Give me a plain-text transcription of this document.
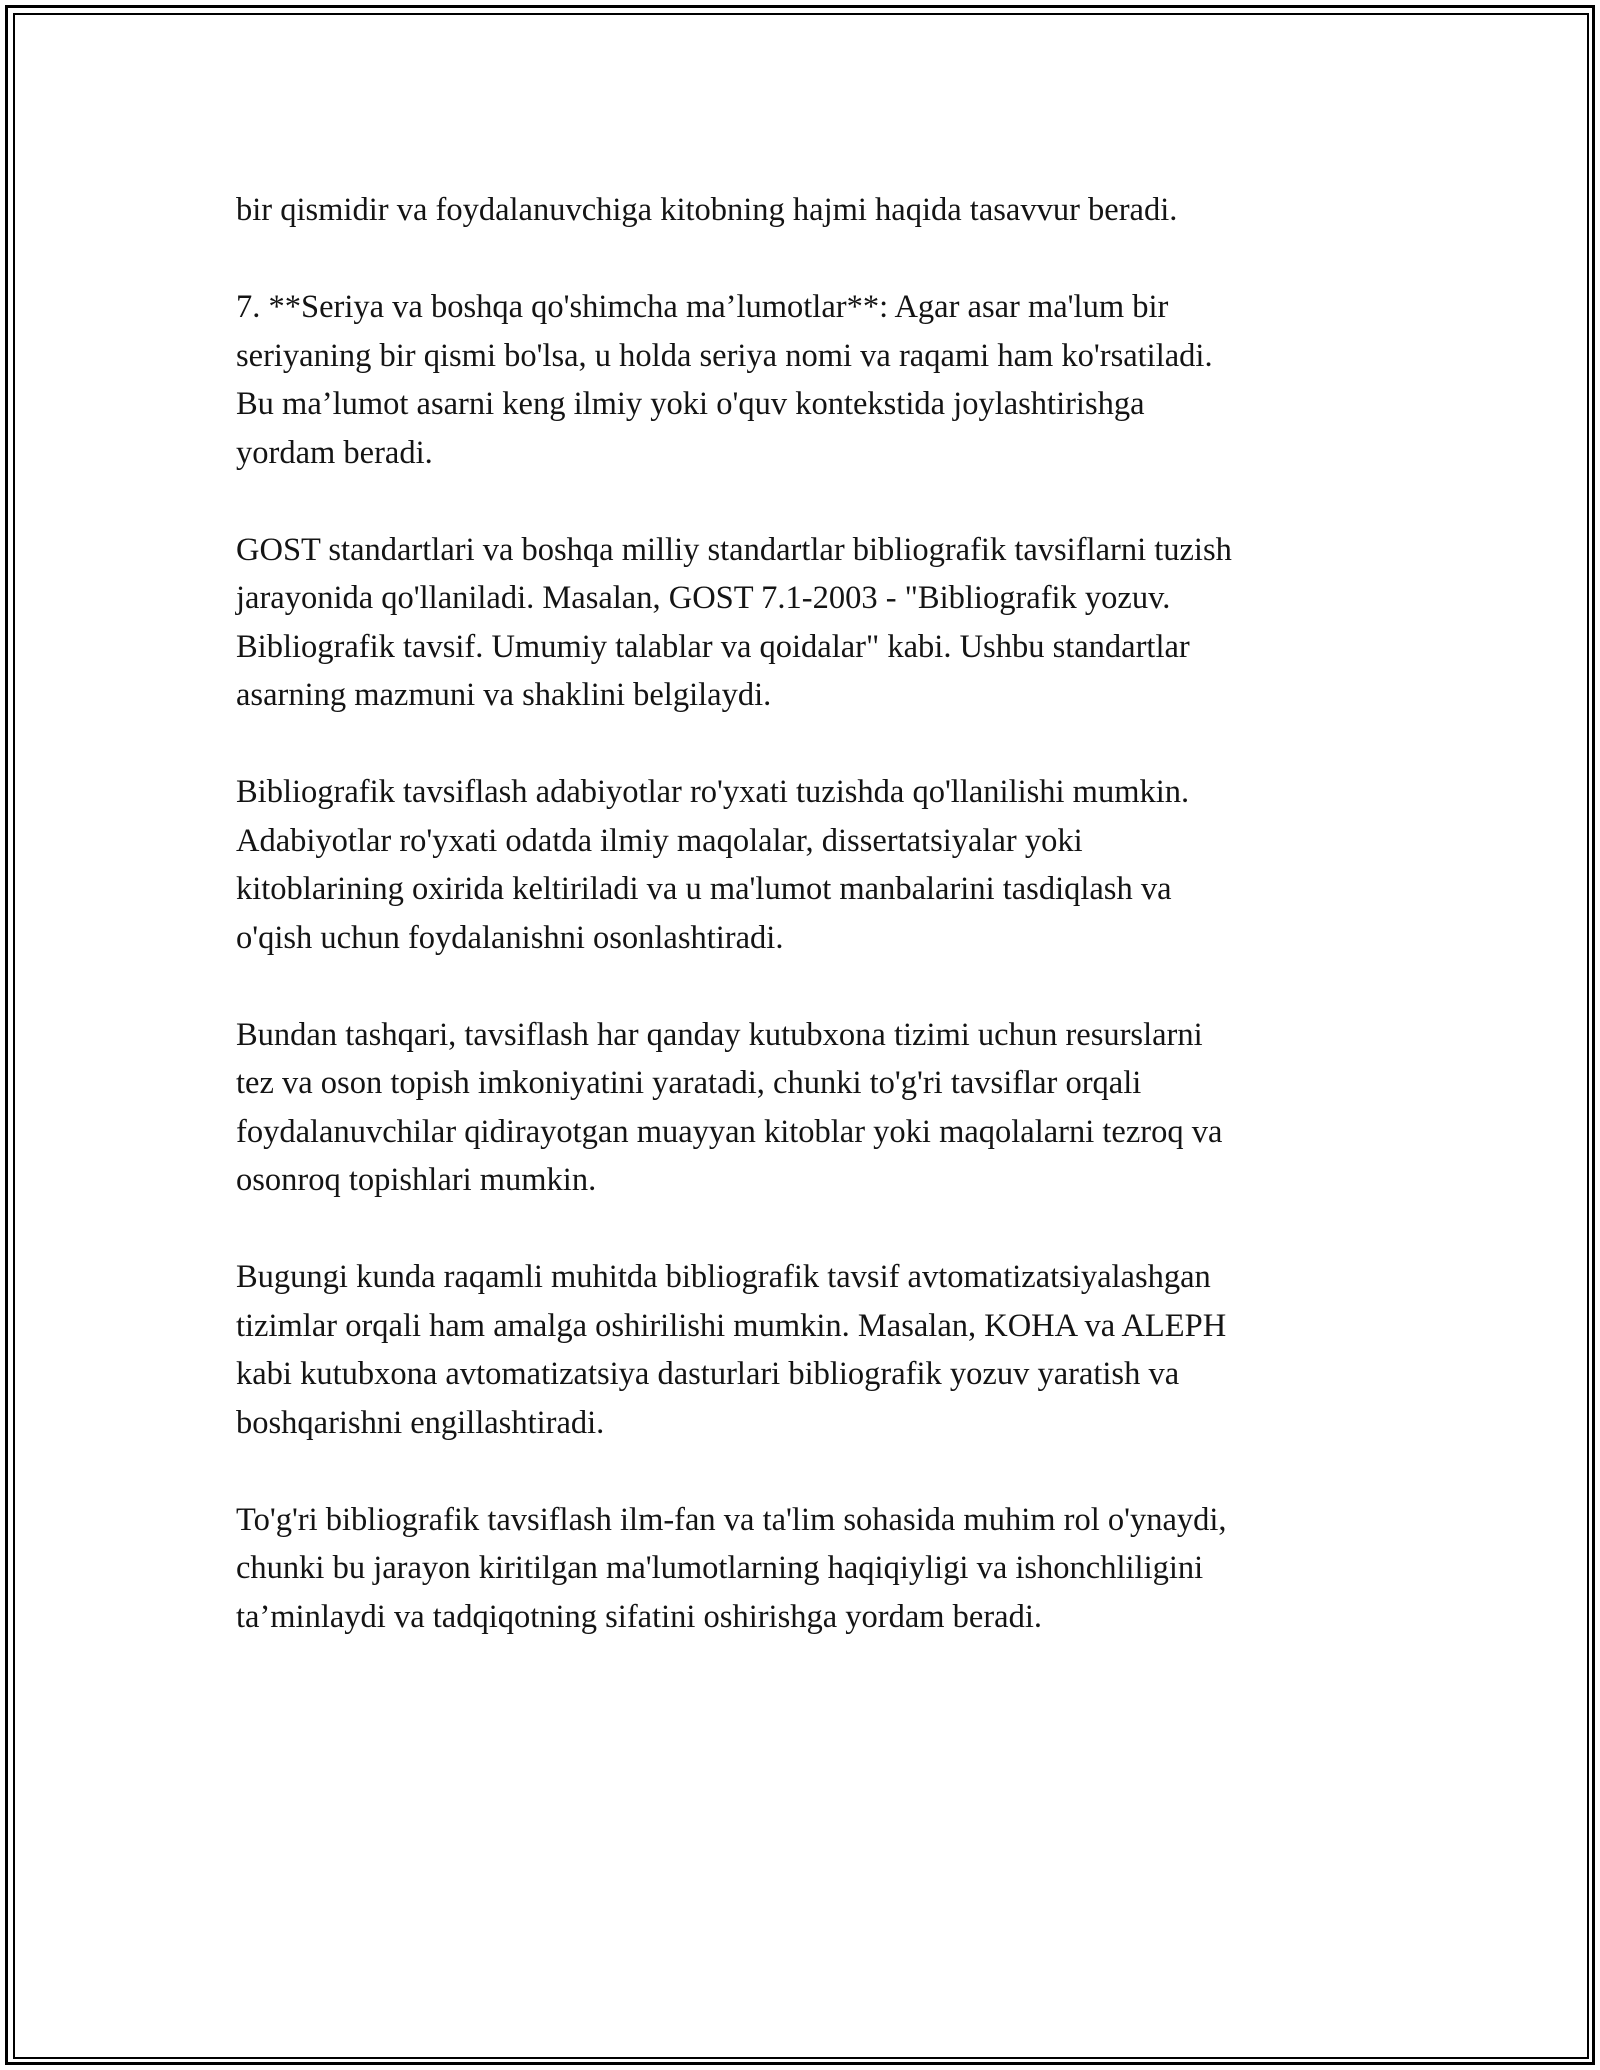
bir qismidir va foydalanuvchiga kitobning hajmi haqida tasavvur beradi.

7. **Seriya va boshqa qo'shimcha ma’lumotlar**: Agar asar ma'lum bir
seriyaning bir qismi bo'lsa, u holda seriya nomi va raqami ham ko'rsatiladi.
Bu ma’lumot asarni keng ilmiy yoki o'quv kontekstida joylashtirishga
yordam beradi.

GOST standartlari va boshqa milliy standartlar bibliografik tavsiflarni tuzish
jarayonida qo'llaniladi. Masalan, GOST 7.1-2003 - "Bibliografik yozuv.
Bibliografik tavsif. Umumiy talablar va qoidalar" kabi. Ushbu standartlar
asarning mazmuni va shaklini belgilaydi.

Bibliografik tavsiflash adabiyotlar ro'yxati tuzishda qo'llanilishi mumkin.
Adabiyotlar ro'yxati odatda ilmiy maqolalar, dissertatsiyalar yoki
kitoblarining oxirida keltiriladi va u ma'lumot manbalarini tasdiqlash va
o'qish uchun foydalanishni osonlashtiradi.

Bundan tashqari, tavsiflash har qanday kutubxona tizimi uchun resurslarni
tez va oson topish imkoniyatini yaratadi, chunki to'g'ri tavsiflar orqali
foydalanuvchilar qidirayotgan muayyan kitoblar yoki maqolalarni tezroq va
osonroq topishlari mumkin.

Bugungi kunda raqamli muhitda bibliografik tavsif avtomatizatsiyalashgan
tizimlar orqali ham amalga oshirilishi mumkin. Masalan, KOHA va ALEPH
kabi kutubxona avtomatizatsiya dasturlari bibliografik yozuv yaratish va
boshqarishni engillashtiradi.

To'g'ri bibliografik tavsiflash ilm-fan va ta'lim sohasida muhim rol o'ynaydi,
chunki bu jarayon kiritilgan ma'lumotlarning haqiqiyligi va ishonchliligini
ta’minlaydi va tadqiqotning sifatini oshirishga yordam beradi.
